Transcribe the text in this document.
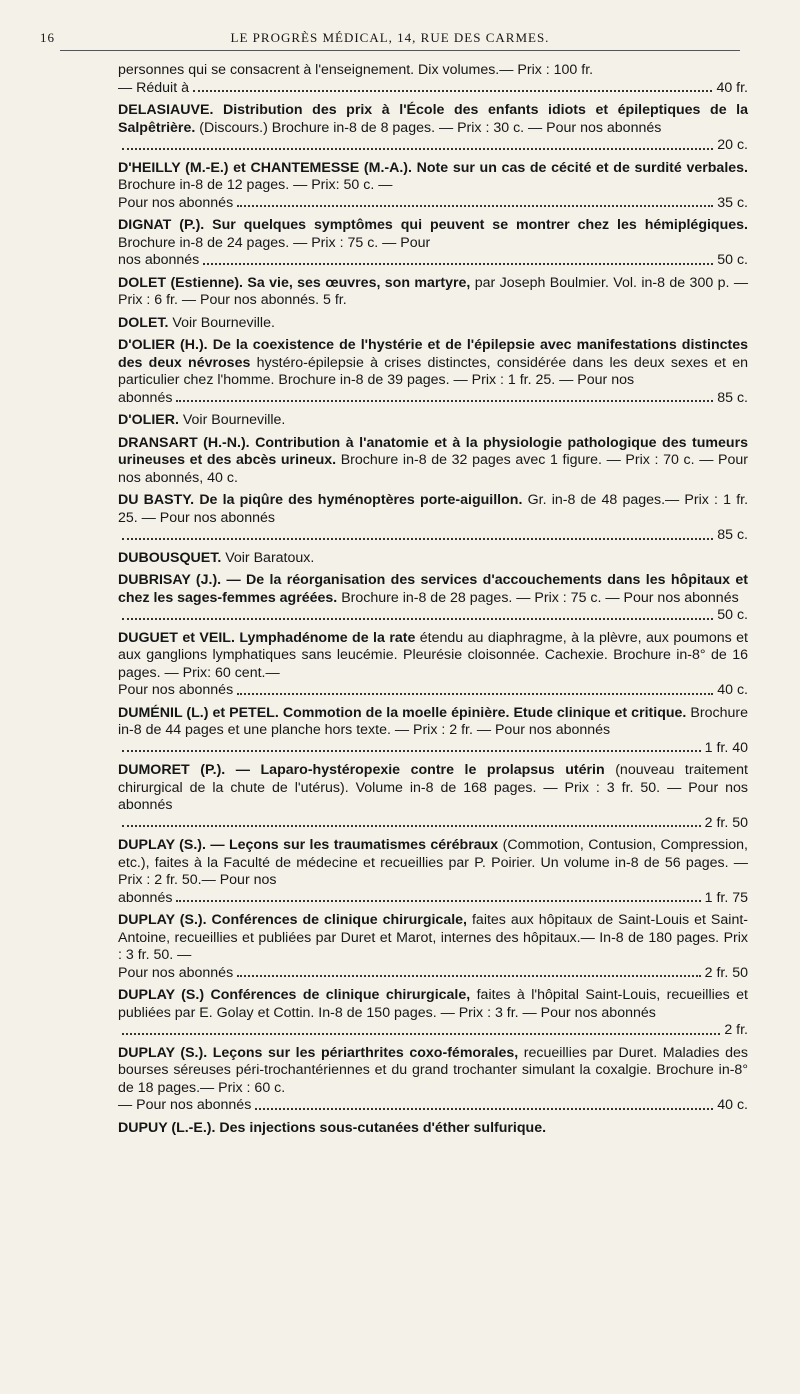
16	LE PROGRÈS MÉDICAL, 14, RUE DES CARMES.
personnes qui se consacrent à l'enseignement. Dix volumes.— Prix : 100 fr.
— Réduit à	40 fr.
DELASIAUVE. Distribution des prix à l'École des enfants idiots et épileptiques de la Salpêtrière. (Discours.) Brochure in-8 de 8 pages. — Prix : 30 c. — Pour nos abonnés
20 c.
D'HEILLY (M.-E.) et CHANTEMESSE (M.-A.). Note sur un cas de cécité et de surdité verbales. Brochure in-8 de 12 pages. — Prix: 50 c. —
Pour nos abonnés	35 c.
DIGNAT (P.). Sur quelques symptômes qui peuvent se montrer chez les hémiplégiques. Brochure in-8 de 24 pages. — Prix : 75 c. — Pour
nos abonnés	50 c.
DOLET (Estienne). Sa vie, ses œuvres, son martyre, par Joseph Boulmier. Vol. in-8 de 300 p. — Prix : 6 fr. — Pour nos abonnés. 5 fr.
DOLET. Voir Bourneville.
D'OLIER (H.). De la coexistence de l'hystérie et de l'épilepsie avec manifestations distinctes des deux névroses hystéro-épilepsie à crises distinctes, considérée dans les deux sexes et en particulier chez l'homme. Brochure in-8 de 39 pages. — Prix : 1 fr. 25. — Pour nos
abonnés	85 c.
D'OLIER. Voir Bourneville.
DRANSART (H.-N.). Contribution à l'anatomie et à la physiologie pathologique des tumeurs urineuses et des abcès urineux. Brochure in-8 de 32 pages avec 1 figure. — Prix : 70 c. — Pour nos abonnés, 40 c.
DU BASTY. De la piqûre des hyménoptères porte-aiguillon. Gr. in-8 de 48 pages.— Prix : 1 fr. 25. — Pour nos abonnés
85 c.
DUBOUSQUET. Voir Baratoux.
DUBRISAY (J.). — De la réorganisation des services d'accouchements dans les hôpitaux et chez les sages-femmes agréées. Brochure in-8 de 28 pages. — Prix : 75 c. — Pour nos abonnés
50 c.
DUGUET et VEIL. Lymphadénome de la rate étendu au diaphragme, à la plèvre, aux poumons et aux ganglions lymphatiques sans leucémie. Pleurésie cloisonnée. Cachexie. Brochure in-8° de 16 pages. — Prix: 60 cent.—
Pour nos abonnés	40 c.
DUMÉNIL (L.) et PETEL. Commotion de la moelle épinière. Etude clinique et critique. Brochure in-8 de 44 pages et une planche hors texte. — Prix : 2 fr. — Pour nos abonnés
1 fr. 40
DUMORET (P.). — Laparo-hystéropexie contre le prolapsus utérin (nouveau traitement chirurgical de la chute de l'utérus). Volume in-8 de 168 pages. — Prix : 3 fr. 50. — Pour nos abonnés
2 fr. 50
DUPLAY (S.). — Leçons sur les traumatismes cérébraux (Commotion, Contusion, Compression, etc.), faites à la Faculté de médecine et recueillies par P. Poirier. Un volume in-8 de 56 pages. — Prix : 2 fr. 50.— Pour nos
abonnés	1 fr. 75
DUPLAY (S.). Conférences de clinique chirurgicale, faites aux hôpitaux de Saint-Louis et Saint-Antoine, recueillies et publiées par Duret et Marot, internes des hôpitaux.— In-8 de 180 pages. Prix : 3 fr. 50. —
Pour nos abonnés	2 fr. 50
DUPLAY (S.) Conférences de clinique chirurgicale, faites à l'hôpital Saint-Louis, recueillies et publiées par E. Golay et Cottin. In-8 de 150 pages. — Prix : 3 fr. — Pour nos abonnés
2 fr.
DUPLAY (S.). Leçons sur les périarthrites coxo-fémorales, recueillies par Duret. Maladies des bourses séreuses péri-trochantériennes et du grand trochanter simulant la coxalgie. Brochure in-8° de 18 pages.— Prix : 60 c.
— Pour nos abonnés	40 c.
DUPUY (L.-E.). Des injections sous-cutanées d'éther sulfurique.
